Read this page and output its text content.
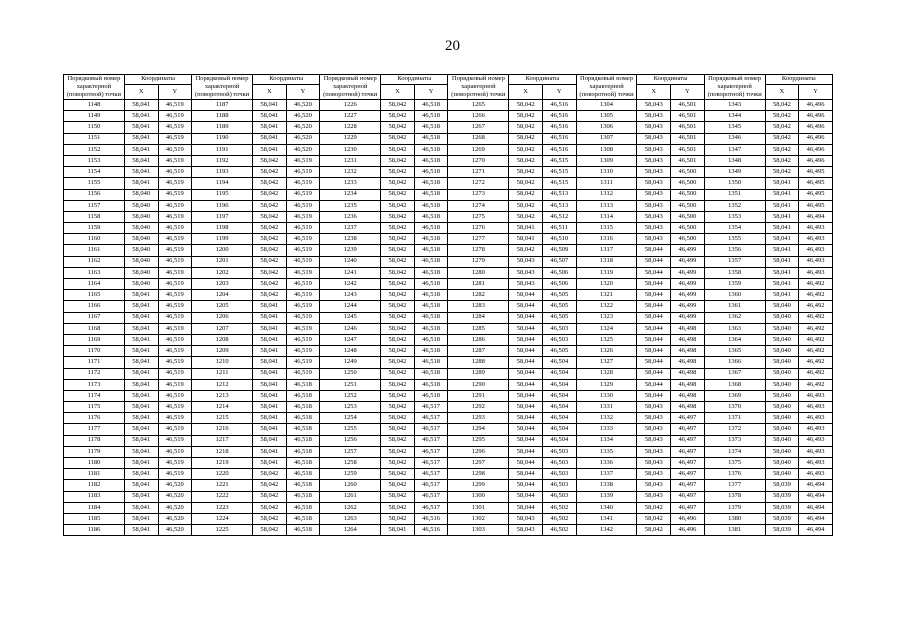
20
Порядковый номер характерной (поворотной) точки	Координаты		Порядковый номер характерной (поворотной) точки	Координаты		Порядковый номер характерной (поворотной) точки	Координаты		Порядковый номер характерной (поворотной) точки	Координаты		Порядковый номер характерной (поворотной) точки	Координаты		Порядковый номер характерной (поворотной) точки	Координаты	
	X	Y		X	Y		X	Y		X	Y		X	Y		X	Y
1148	58,041	46,519	1187	58,041	46,520	1226	58,042	46,518	1265	58,042	46,516	1304	58,043	46,501	1343	58,042	46,496
1149	58,041	46,519	1188	58,041	46,520	1227	58,042	46,518	1266	58,042	46,516	1305	58,043	46,501	1344	58,042	46,496
1150	58,041	46,519	1189	58,041	46,520	1228	58,042	46,518	1267	58,042	46,516	1306	58,043	46,501	1345	58,042	46,496
1151	58,041	46,519	1190	58,041	46,520	1229	58,042	46,518	1268	58,042	46,516	1307	58,043	46,501	1346	58,042	46,496
1152	58,041	46,519	1191	58,041	46,520	1230	58,042	46,518	1269	58,042	46,516	1308	58,043	46,501	1347	58,042	46,496
1153	58,041	46,519	1192	58,042	46,519	1231	58,042	46,518	1270	58,042	46,515	1309	58,043	46,501	1348	58,042	46,496
1154	58,041	46,519	1193	58,042	46,519	1232	58,042	46,518	1271	58,042	46,515	1310	58,043	46,500	1349	58,042	46,495
1155	58,041	46,519	1194	58,042	46,519	1233	58,042	46,518	1272	58,042	46,515	1311	58,043	46,500	1350	58,041	46,495
1156	58,040	46,519	1195	58,042	46,519	1234	58,042	46,518	1273	58,042	46,513	1312	58,043	46,500	1351	58,041	46,495
1157	58,040	46,519	1196	58,042	46,519	1235	58,042	46,518	1274	58,042	46,513	1313	58,043	46,500	1352	58,041	46,495
1158	58,040	46,519	1197	58,042	46,519	1236	58,042	46,518	1275	58,042	46,512	1314	58,043	46,500	1353	58,041	46,494
1159	58,040	46,519	1198	58,042	46,519	1237	58,042	46,518	1276	58,041	46,511	1315	58,043	46,500	1354	58,041	46,493
1160	58,040	46,519	1199	58,042	46,519	1238	58,042	46,518	1277	58,041	46,510	1316	58,043	46,500	1355	58,041	46,493
1161	58,040	46,519	1200	58,042	46,519	1239	58,042	46,518	1278	58,042	46,509	1317	58,044	46,499	1356	58,041	46,493
1162	58,040	46,519	1201	58,042	46,519	1240	58,042	46,518	1279	58,043	46,507	1318	58,044	46,499	1357	58,041	46,493
1163	58,040	46,519	1202	58,042	46,519	1241	58,042	46,518	1280	58,043	46,506	1319	58,044	46,499	1358	58,041	46,493
1164	58,040	46,519	1203	58,042	46,519	1242	58,042	46,518	1281	58,043	46,506	1320	58,044	46,499	1359	58,041	46,492
1165	58,041	46,519	1204	58,042	46,519	1243	58,042	46,518	1282	58,044	46,505	1321	58,044	46,499	1360	58,041	46,492
1166	58,041	46,519	1205	58,041	46,519	1244	58,042	46,518	1283	58,044	46,505	1322	58,044	46,499	1361	58,040	46,492
1167	58,041	46,519	1206	58,041	46,519	1245	58,042	46,518	1284	58,044	46,505	1323	58,044	46,499	1362	58,040	46,492
1168	58,041	46,519	1207	58,041	46,519	1246	58,042	46,518	1285	58,044	46,503	1324	58,044	46,498	1363	58,040	46,492
1169	58,041	46,519	1208	58,041	46,519	1247	58,042	46,518	1286	58,044	46,503	1325	58,044	46,498	1364	58,040	46,492
1170	58,041	46,519	1209	58,041	46,519	1248	58,042	46,518	1287	58,044	46,505	1326	58,044	46,498	1365	58,040	46,492
1171	58,041	46,519	1210	58,041	46,519	1249	58,042	46,518	1288	58,044	46,504	1327	58,044	46,498	1366	58,040	46,492
1172	58,041	46,519	1211	58,041	46,519	1250	58,042	46,518	1289	58,044	46,504	1328	58,044	46,498	1367	58,040	46,492
1173	58,041	46,519	1212	58,041	46,518	1251	58,042	46,518	1290	58,044	46,504	1329	58,044	46,498	1368	58,040	46,492
1174	58,041	46,519	1213	58,041	46,518	1252	58,042	46,518	1291	58,044	46,504	1330	58,044	46,498	1369	58,040	46,493
1175	58,041	46,519	1214	58,041	46,518	1253	58,042	46,517	1292	58,044	46,504	1331	58,043	46,498	1370	58,040	46,493
1176	58,041	46,519	1215	58,041	46,518	1254	58,042	46,517	1293	58,044	46,504	1332	58,043	46,497	1371	58,040	46,493
1177	58,041	46,519	1216	58,041	46,518	1255	58,042	46,517	1294	58,044	46,504	1333	58,043	46,497	1372	58,040	46,493
1178	58,041	46,519	1217	58,041	46,518	1256	58,042	46,517	1295	58,044	46,504	1334	58,043	46,497	1373	58,040	46,493
1179	58,041	46,519	1218	58,041	46,518	1257	58,042	46,517	1296	58,044	46,503	1335	58,043	46,497	1374	58,040	46,493
1180	58,041	46,519	1219	58,041	46,518	1258	58,042	46,517	1297	58,044	46,503	1336	58,043	46,497	1375	58,040	46,493
1181	58,041	46,519	1220	58,042	46,518	1259	58,042	46,517	1298	58,044	46,503	1337	58,043	46,497	1376	58,040	46,493
1182	58,041	46,520	1221	58,042	46,518	1260	58,042	46,517	1299	58,044	46,503	1338	58,043	46,497	1377	58,039	46,494
1183	58,041	46,520	1222	58,042	46,518	1261	58,042	46,517	1300	58,044	46,503	1339	58,043	46,497	1378	58,039	46,494
1184	58,041	46,520	1223	58,042	46,518	1262	58,042	46,517	1301	58,044	46,502	1340	58,042	46,497	1379	58,039	46,494
1185	58,041	46,520	1224	58,042	46,518	1263	58,042	46,516	1302	58,043	46,502	1341	58,042	46,496	1380	58,039	46,494
1186	58,041	46,520	1225	58,042	46,518	1264	58,041	46,516	1303	58,043	46,502	1342	58,042	46,496	1381	58,039	46,494
